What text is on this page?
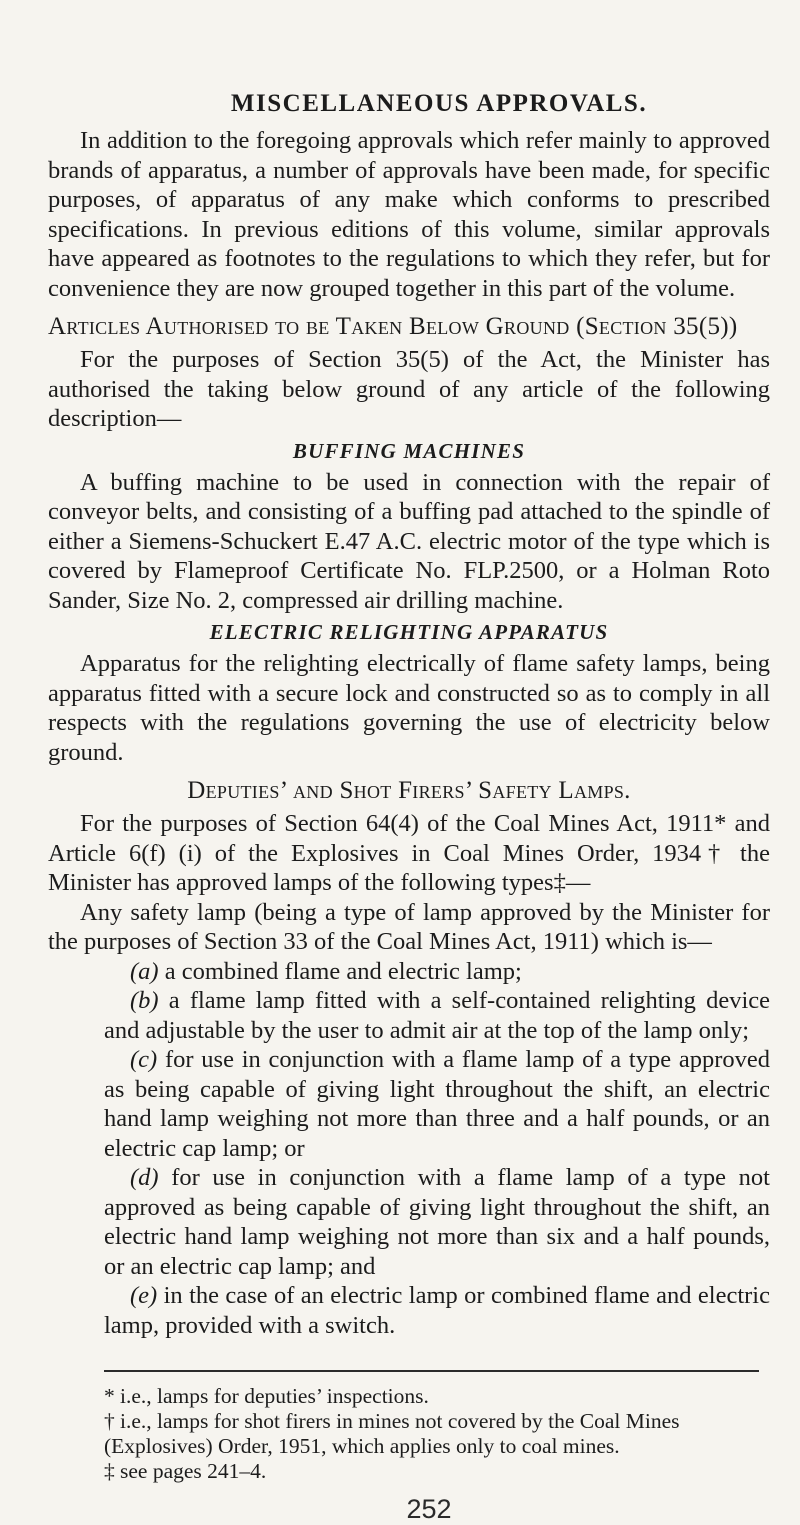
MISCELLANEOUS APPROVALS.

In addition to the foregoing approvals which refer mainly to approved brands of apparatus, a number of approvals have been made, for specific purposes, of apparatus of any make which conforms to prescribed specifications. In previous editions of this volume, similar approvals have appeared as footnotes to the regulations to which they refer, but for convenience they are now grouped together in this part of the volume.

Articles Authorised to be Taken Below Ground (Section 35(5))

For the purposes of Section 35(5) of the Act, the Minister has authorised the taking below ground of any article of the following description—

BUFFING MACHINES

A buffing machine to be used in connection with the repair of conveyor belts, and consisting of a buffing pad attached to the spindle of either a Siemens-Schuckert E.47 A.C. electric motor of the type which is covered by Flameproof Certificate No. FLP.2500, or a Holman Roto Sander, Size No. 2, compressed air drilling machine.

ELECTRIC RELIGHTING APPARATUS

Apparatus for the relighting electrically of flame safety lamps, being apparatus fitted with a secure lock and constructed so as to comply in all respects with the regulations governing the use of electricity below ground.

Deputies’ and Shot Firers’ Safety Lamps.

For the purposes of Section 64(4) of the Coal Mines Act, 1911* and Article 6(f) (i) of the Explosives in Coal Mines Order, 1934† the Minister has approved lamps of the following types‡—

Any safety lamp (being a type of lamp approved by the Minister for the purposes of Section 33 of the Coal Mines Act, 1911) which is—

(a) a combined flame and electric lamp;

(b) a flame lamp fitted with a self-contained relighting device and adjustable by the user to admit air at the top of the lamp only;

(c) for use in conjunction with a flame lamp of a type approved as being capable of giving light throughout the shift, an electric hand lamp weighing not more than three and a half pounds, or an electric cap lamp; or

(d) for use in conjunction with a flame lamp of a type not approved as being capable of giving light throughout the shift, an electric hand lamp weighing not more than six and a half pounds, or an electric cap lamp; and

(e) in the case of an electric lamp or combined flame and electric lamp, provided with a switch.

* i.e., lamps for deputies’ inspections.

† i.e., lamps for shot firers in mines not covered by the Coal Mines (Explosives) Order, 1951, which applies only to coal mines.

‡ see pages 241–4.

252
